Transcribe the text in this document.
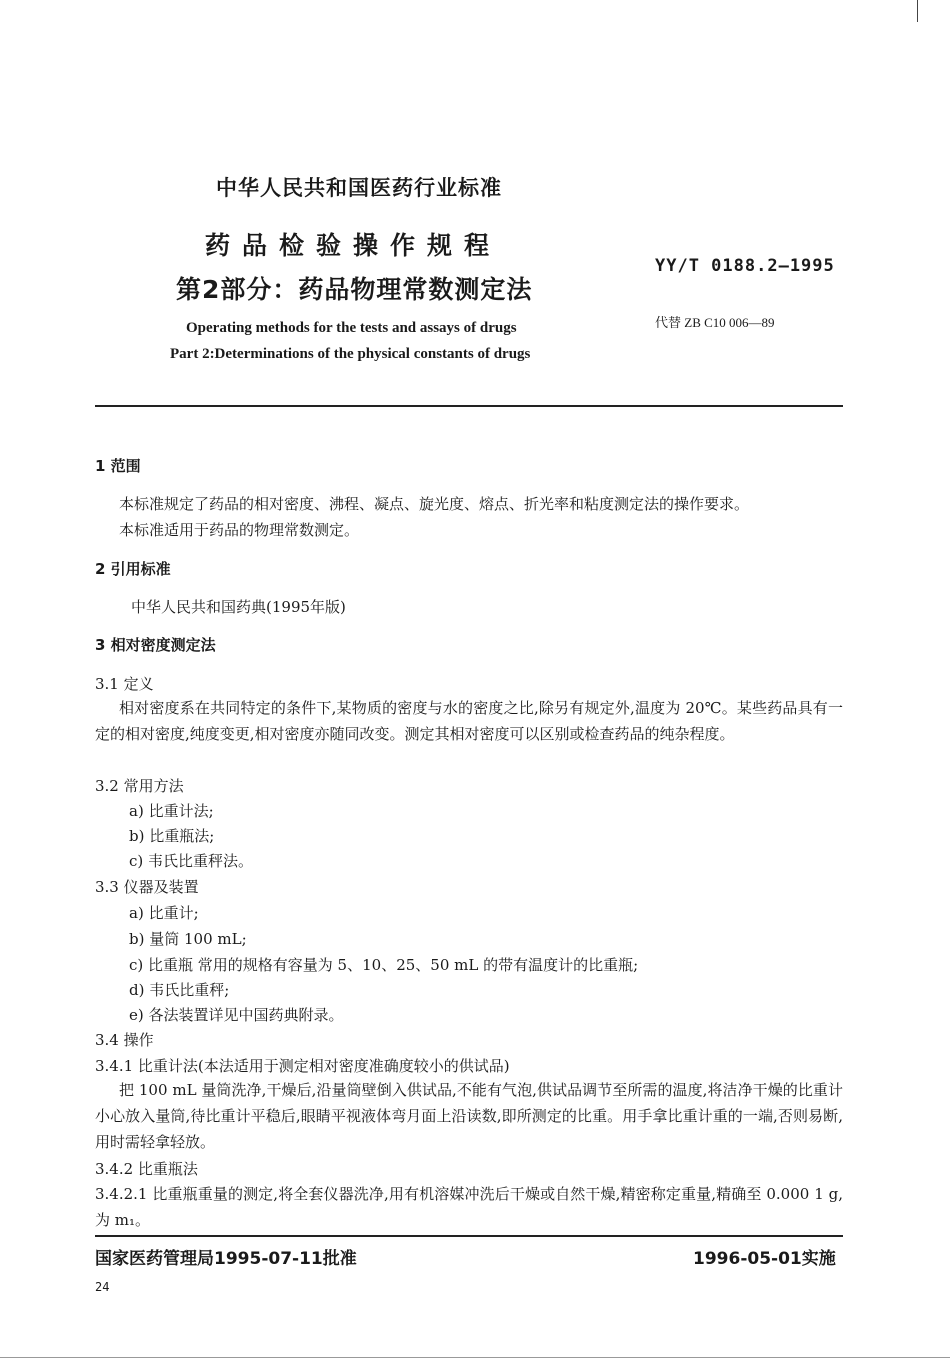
中华人民共和国医药行业标准
药品检验操作规程
第2部分：药品物理常数测定法
Operating methods for the tests and assays of drugs
Part 2:Determinations of the physical constants of drugs
YY/T 0188.2—1995
代替 ZB C10 006—89
1 范围
本标准规定了药品的相对密度、沸程、凝点、旋光度、熔点、折光率和粘度测定法的操作要求。
本标准适用于药品的物理常数测定。
2 引用标准
中华人民共和国药典(1995年版)
3 相对密度测定法
3.1 定义
相对密度系在共同特定的条件下,某物质的密度与水的密度之比,除另有规定外,温度为 20℃。某些药品具有一定的相对密度,纯度变更,相对密度亦随同改变。测定其相对密度可以区别或检查药品的纯杂程度。
3.2 常用方法
a) 比重计法;
b) 比重瓶法;
c) 韦氏比重秤法。
3.3 仪器及装置
a) 比重计;
b) 量筒 100 mL;
c) 比重瓶 常用的规格有容量为 5、10、25、50 mL 的带有温度计的比重瓶;
d) 韦氏比重秤;
e) 各法装置详见中国药典附录。
3.4 操作
3.4.1 比重计法(本法适用于测定相对密度准确度较小的供试品)
把 100 mL 量筒洗净,干燥后,沿量筒壁倒入供试品,不能有气泡,供试品调节至所需的温度,将洁净干燥的比重计小心放入量筒,待比重计平稳后,眼睛平视液体弯月面上沿读数,即所测定的比重。用手拿比重计重的一端,否则易断,用时需轻拿轻放。
3.4.2 比重瓶法
3.4.2.1 比重瓶重量的测定,将全套仪器洗净,用有机溶媒冲洗后干燥或自然干燥,精密称定重量,精确至 0.000 1 g,为 m₁。
国家医药管理局1995-07-11批准	1996-05-01实施
24
